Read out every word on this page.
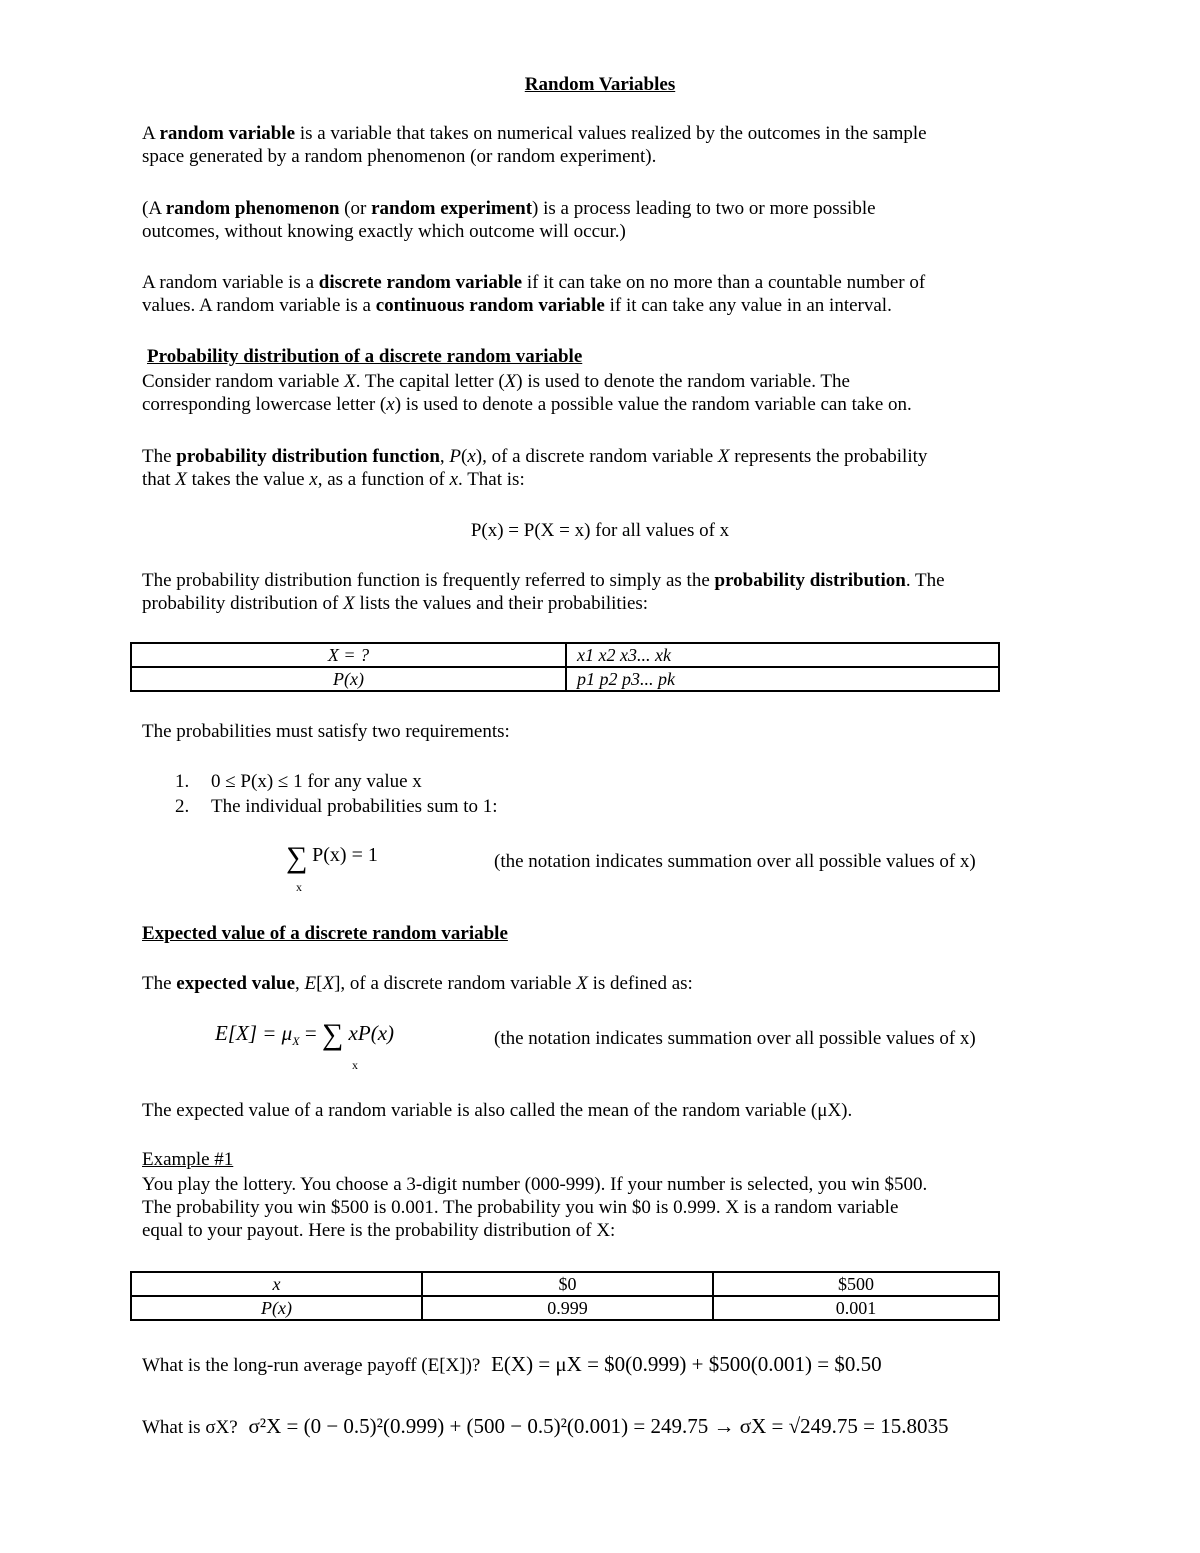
Random Variables
A random variable is a variable that takes on numerical values realized by the outcomes in the sample
space generated by a random phenomenon (or random experiment).
(A random phenomenon (or random experiment) is a process leading to two or more possible
outcomes, without knowing exactly which outcome will occur.)
A random variable is a discrete random variable if it can take on no more than a countable number of
values. A random variable is a continuous random variable if it can take any value in an interval.
Probability distribution of a discrete random variable
Consider random variable X. The capital letter (X) is used to denote the random variable. The
corresponding lowercase letter (x) is used to denote a possible value the random variable can take on.
The probability distribution function, P(x), of a discrete random variable X represents the probability
that X takes the value x, as a function of x. That is:
P(x) = P(X = x) for all values of x
The probability distribution function is frequently referred to simply as the probability distribution. The
probability distribution of X lists the values and their probabilities:
X = ?	x1 x2 x3... xk
P(x)	p1 p2 p3... pk
The probabilities must satisfy two requirements:
1. 0 ≤ P(x) ≤ 1 for any value x
2. The individual probabilities sum to 1:
∑ P(x) = 1
x
(the notation indicates summation over all possible values of x)
Expected value of a discrete random variable
The expected value, E[X], of a discrete random variable X is defined as:
$E[X] = \mu_X$ = ∑ xP(x)
x
(the notation indicates summation over all possible values of x)
The expected value of a random variable is also called the mean of the random variable (μX).
Example #1
You play the lottery. You choose a 3-digit number (000-999). If your number is selected, you win $500.
The probability you win $500 is 0.001. The probability you win $0 is 0.999. X is a random variable
equal to your payout. Here is the probability distribution of X:
x	$0	$500
P(x)	0.999	0.001
What is the long-run average payoff (E[X])? E(X) = μX = $0(0.999) + $500(0.001) = $0.50
What is σX? σ²X = (0 − 0.5)²(0.999) + (500 − 0.5)²(0.001) = 249.75 → σX = √249.75 = 15.8035
